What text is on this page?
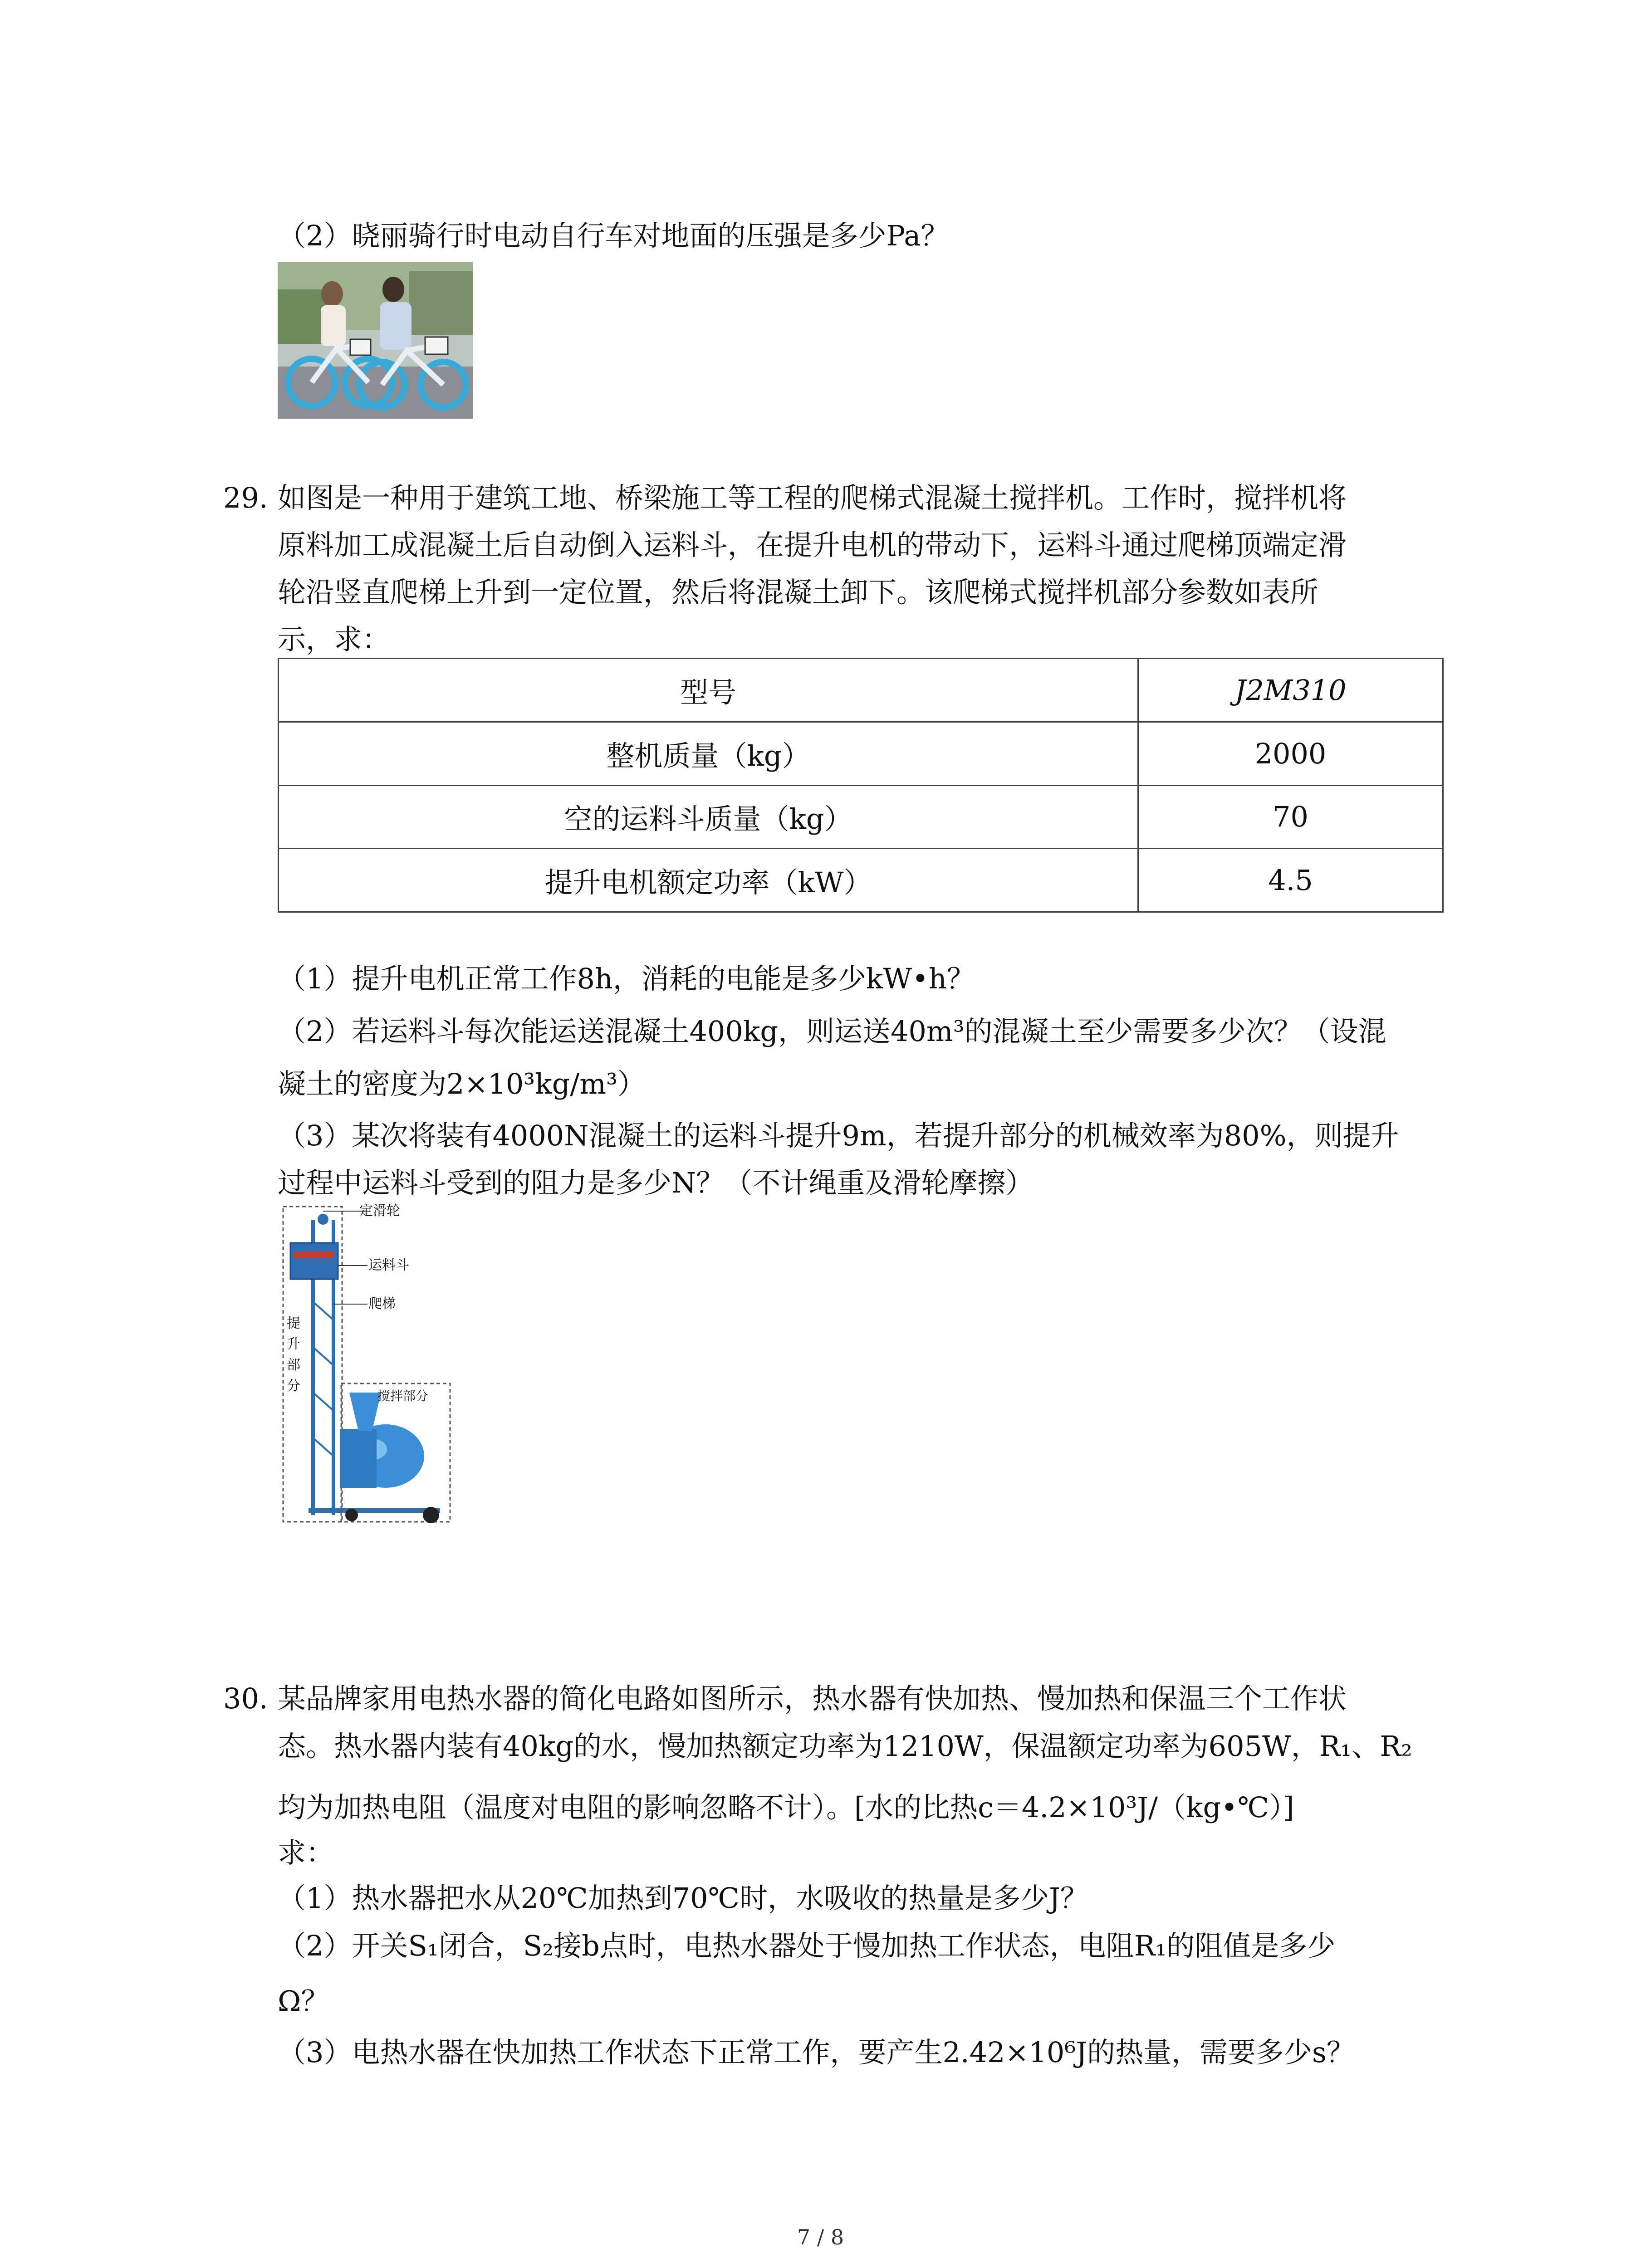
（2）晓丽骑行时电动自行车对地面的压强是多少Pa？
29. 如图是一种用于建筑工地、桥梁施工等工程的爬梯式混凝土搅拌机。工作时，搅拌机将
原料加工成混凝土后自动倒入运料斗，在提升电机的带动下，运料斗通过爬梯顶端定滑
轮沿竖直爬梯上升到一定位置，然后将混凝土卸下。该爬梯式搅拌机部分参数如表所
示，求：
型号	J2M310
整机质量（kg）	2000
空的运料斗质量（kg）	70
提升电机额定功率（kW）	4.5
（1）提升电机正常工作8h，消耗的电能是多少kW•h？
（2）若运料斗每次能运送混凝土400kg，则运送40m³的混凝土至少需要多少次？（设混
凝土的密度为2×10³kg/m³）
（3）某次将装有4000N混凝土的运料斗提升9m，若提升部分的机械效率为80%，则提升
过程中运料斗受到的阻力是多少N？（不计绳重及滑轮摩擦）
定滑轮
运料斗
爬梯
提升部分
搅拌部分
30. 某品牌家用电热水器的简化电路如图所示，热水器有快加热、慢加热和保温三个工作状
态。热水器内装有40kg的水，慢加热额定功率为1210W，保温额定功率为605W，R₁、R₂
均为加热电阻（温度对电阻的影响忽略不计）。[水的比热c＝4.2×10³J/（kg•℃）]
求：
（1）热水器把水从20℃加热到70℃时，水吸收的热量是多少J？
（2）开关S₁闭合，S₂接b点时，电热水器处于慢加热工作状态，电阻R₁的阻值是多少
Ω？
（3）电热水器在快加热工作状态下正常工作，要产生2.42×10⁶J的热量，需要多少s？
7 / 8
